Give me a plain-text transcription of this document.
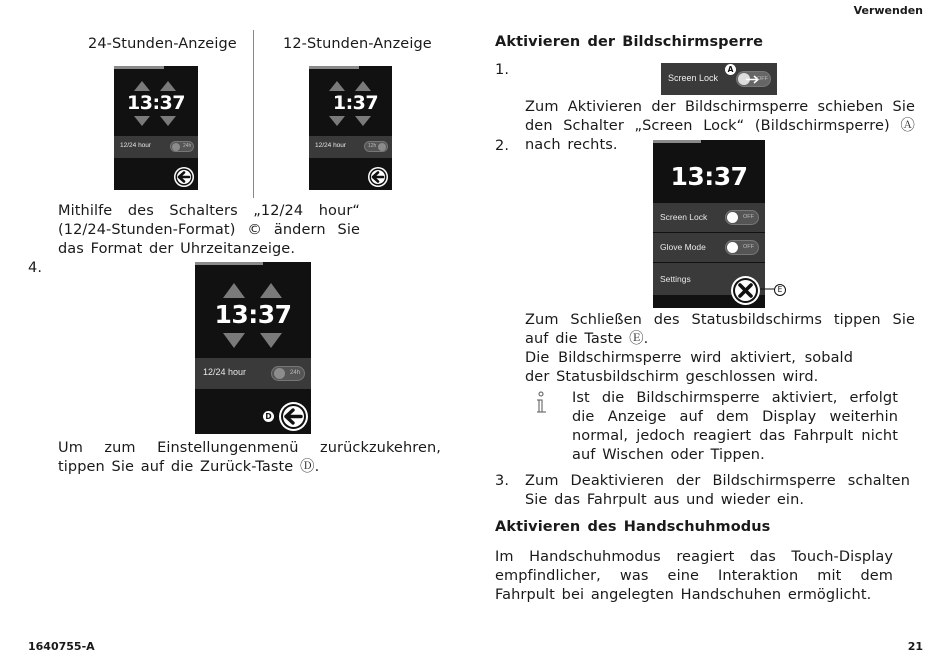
Verwenden
24-Stunden-Anzeige	12-Stunden-Anzeige
13:37
12/24 hour	24h
1:37
12/24 hour	12h
Mithilfe des Schalters „12/24 hour“ (12/24-Stunden-Format) © ändern Sie das Format der Uhrzeitanzeige.
4.
13:37
12/24 hour	24h
D
Um zum Einstellungenmenü zurückzukehren, tippen Sie auf die Zurück-Taste Ⓓ.
Aktivieren der Bildschirmsperre
1.	Screen Lock	OFF
A
Zum Aktivieren der Bildschirmsperre schieben Sie den Schalter „Screen Lock“ (Bildschirmsperre) Ⓐ nach rechts.
2.
13:37
Screen Lock	OFF
Glove Mode	OFF
Settings
E
Zum Schließen des Statusbildschirms tippen Sie auf die Taste Ⓔ.
Die Bildschirmsperre wird aktiviert, sobald der Statusbildschirm geschlossen wird.
Ist die Bildschirmsperre aktiviert, erfolgt die Anzeige auf dem Display weiterhin normal, jedoch reagiert das Fahrpult nicht auf Wischen oder Tippen.
3. Zum Deaktivieren der Bildschirmsperre schalten Sie das Fahrpult aus und wieder ein.
Aktivieren des Handschuhmodus
Im Handschuhmodus reagiert das Touch-Display empfindlicher, was eine Interaktion mit dem Fahrpult bei angelegten Handschuhen ermöglicht.
1640755-A	21
